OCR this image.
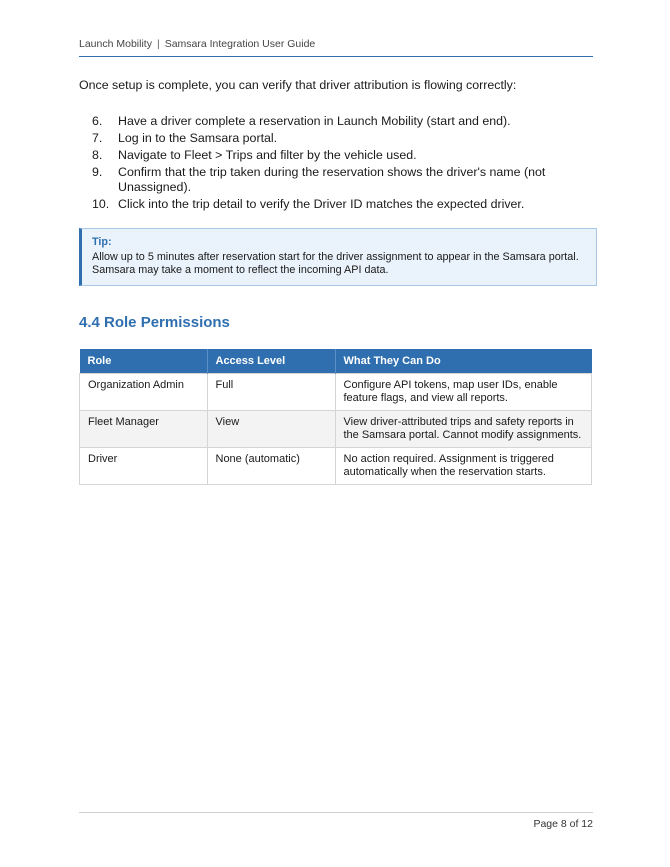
Launch Mobility | Samsara Integration User Guide
Once setup is complete, you can verify that driver attribution is flowing correctly:
6.	Have a driver complete a reservation in Launch Mobility (start and end).
7.	Log in to the Samsara portal.
8.	Navigate to Fleet > Trips and filter by the vehicle used.
9.	Confirm that the trip taken during the reservation shows the driver's name (not Unassigned).
10. Click into the trip detail to verify the Driver ID matches the expected driver.
Tip:
Allow up to 5 minutes after reservation start for the driver assignment to appear in the Samsara portal. Samsara may take a moment to reflect the incoming API data.
4.4 Role Permissions
Role	Access Level	What They Can Do
Organization Admin	Full	Configure API tokens, map user IDs, enable feature flags, and view all reports.
Fleet Manager	View	View driver-attributed trips and safety reports in the Samsara portal. Cannot modify assignments.
Driver	None (automatic)	No action required. Assignment is triggered automatically when the reservation starts.
Page 8 of 12
